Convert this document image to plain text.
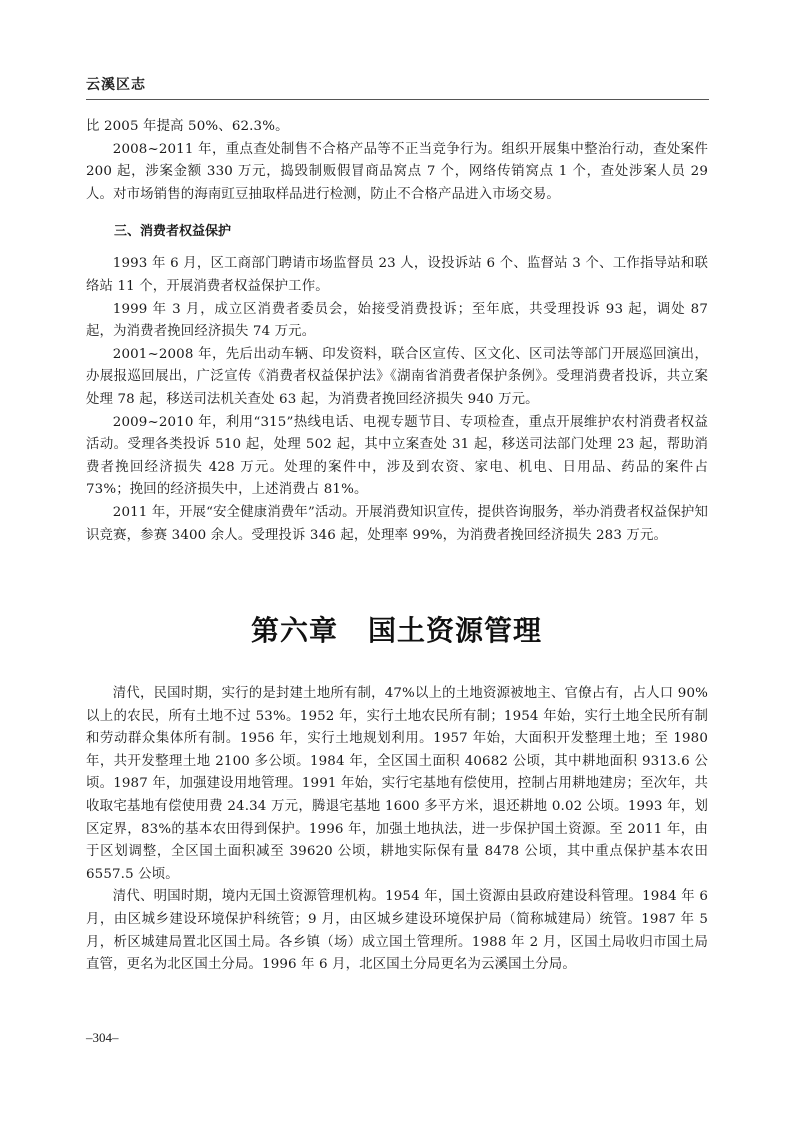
云溪区志

比 2005 年提高 50%、62.3%。

2008~2011 年，重点查处制售不合格产品等不正当竞争行为。组织开展集中整治行动，查处案件 200 起，涉案金额 330 万元，捣毁制贩假冒商品窝点 7 个，网络传销窝点 1 个，查处涉案人员 29 人。对市场销售的海南豇豆抽取样品进行检测，防止不合格产品进入市场交易。

三、消费者权益保护

1993 年 6 月，区工商部门聘请市场监督员 23 人，设投诉站 6 个、监督站 3 个、工作指导站和联络站 11 个，开展消费者权益保护工作。

1999 年 3 月，成立区消费者委员会，始接受消费投诉；至年底，共受理投诉 93 起，调处 87 起，为消费者挽回经济损失 74 万元。

2001~2008 年，先后出动车辆、印发资料，联合区宣传、区文化、区司法等部门开展巡回演出，办展报巡回展出，广泛宣传《消费者权益保护法》《湖南省消费者保护条例》。受理消费者投诉，共立案处理 78 起，移送司法机关查处 63 起，为消费者挽回经济损失 940 万元。

2009~2010 年，利用“315”热线电话、电视专题节目、专项检查，重点开展维护农村消费者权益活动。受理各类投诉 510 起，处理 502 起，其中立案查处 31 起，移送司法部门处理 23 起，帮助消费者挽回经济损失 428 万元。处理的案件中，涉及到农资、家电、机电、日用品、药品的案件占 73%；挽回的经济损失中，上述消费占 81%。

2011 年，开展“安全健康消费年”活动。开展消费知识宣传，提供咨询服务，举办消费者权益保护知识竞赛，参赛 3400 余人。受理投诉 346 起，处理率 99%，为消费者挽回经济损失 283 万元。

第六章 国土资源管理

清代，民国时期，实行的是封建土地所有制，47%以上的土地资源被地主、官僚占有，占人口 90%以上的农民，所有土地不过 53%。1952 年，实行土地农民所有制；1954 年始，实行土地全民所有制和劳动群众集体所有制。1956 年，实行土地规划利用。1957 年始，大面积开发整理土地；至 1980 年，共开发整理土地 2100 多公顷。1984 年，全区国土面积 40682 公顷，其中耕地面积 9313.6 公顷。1987 年，加强建设用地管理。1991 年始，实行宅基地有偿使用，控制占用耕地建房；至次年，共收取宅基地有偿使用费 24.34 万元，腾退宅基地 1600 多平方米，退还耕地 0.02 公顷。1993 年，划区定界，83%的基本农田得到保护。1996 年，加强土地执法，进一步保护国土资源。至 2011 年，由于区划调整，全区国土面积减至 39620 公顷，耕地实际保有量 8478 公顷，其中重点保护基本农田 6557.5 公顷。

清代、明国时期，境内无国土资源管理机构。1954 年，国土资源由县政府建设科管理。1984 年 6 月，由区城乡建设环境保护科统管；9 月，由区城乡建设环境保护局（简称城建局）统管。1987 年 5 月，析区城建局置北区国土局。各乡镇（场）成立国土管理所。1988 年 2 月，区国土局收归市国土局直管，更名为北区国土分局。1996 年 6 月，北区国土分局更名为云溪国土分局。

–304–
